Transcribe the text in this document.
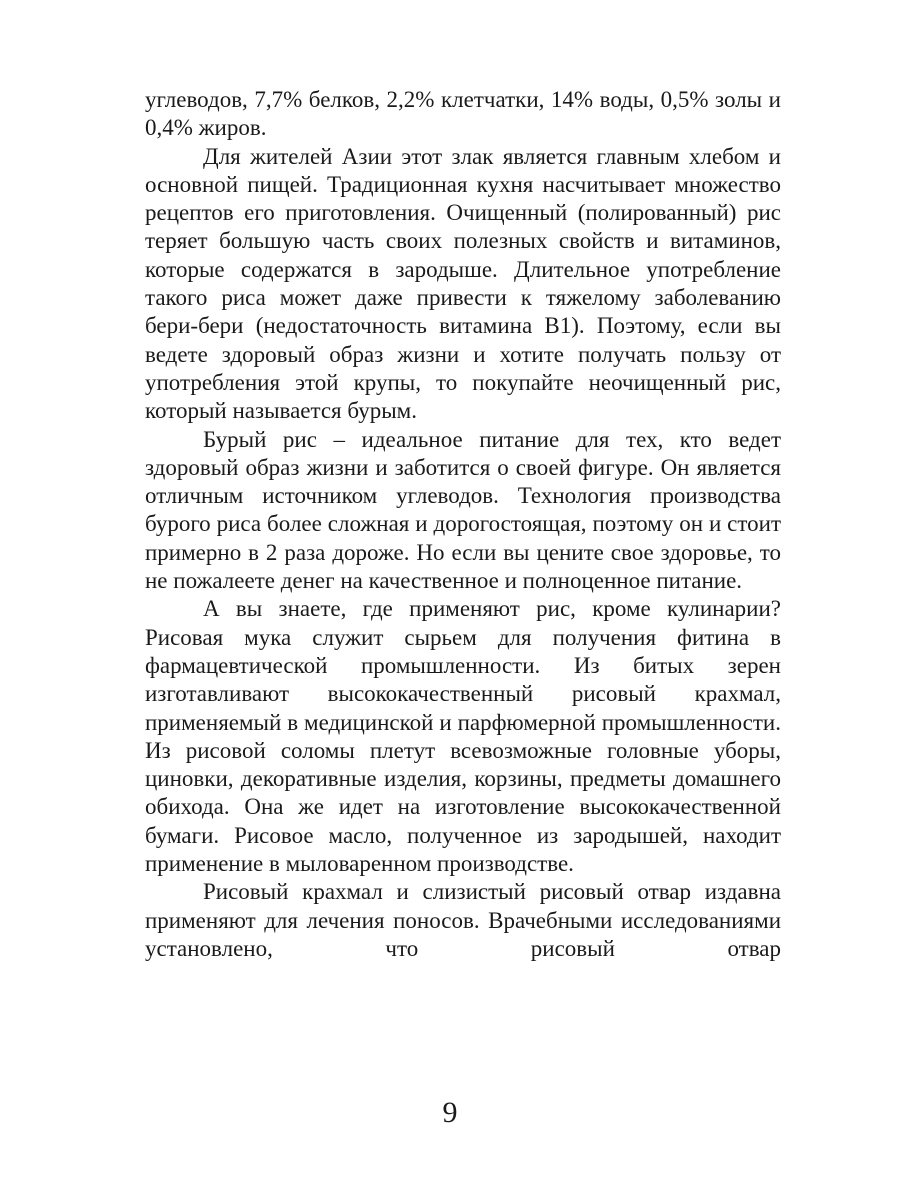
углеводов, 7,7% белков, 2,2% клетчатки, 14% воды, 0,5% золы и 0,4% жиров.

Для жителей Азии этот злак является главным хлебом и основной пищей. Традиционная кухня насчитывает множество рецептов его приготовления. Очищенный (полированный) рис теряет большую часть своих полезных свойств и витаминов, которые содержатся в зародыше. Длительное употребление такого риса может даже привести к тяжелому заболеванию бери-бери (недостаточность витамина В1). Поэтому, если вы ведете здоровый образ жизни и хотите получать пользу от употребления этой крупы, то покупайте неочищенный рис, который называется бурым.

Бурый рис – идеальное питание для тех, кто ведет здоровый образ жизни и заботится о своей фигуре. Он является отличным источником углеводов. Технология производства бурого риса более сложная и дорогостоящая, поэтому он и стоит примерно в 2 раза дороже. Но если вы цените свое здоровье, то не пожалеете денег на качественное и полноценное питание.

А вы знаете, где применяют рис, кроме кулинарии? Рисовая мука служит сырьем для получения фитина в фармацевтической промышленности. Из битых зерен изготавливают высококачественный рисовый крахмал, применяемый в медицинской и парфюмерной промышленности. Из рисовой соломы плетут всевозможные головные уборы, циновки, декоративные изделия, корзины, предметы домашнего обихода. Она же идет на изготовление высококачественной бумаги. Рисовое масло, полученное из зародышей, находит применение в мыловаренном производстве.

Рисовый крахмал и слизистый рисовый отвар издавна применяют для лечения поносов. Врачебными исследованиями установлено, что рисовый отвар

9
